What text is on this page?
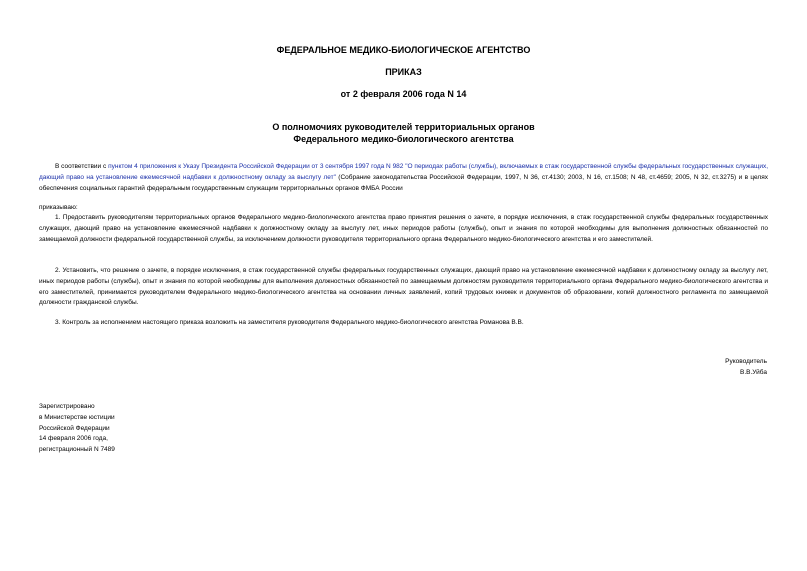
ФЕДЕРАЛЬНОЕ МЕДИКО-БИОЛОГИЧЕСКОЕ АГЕНТСТВО
ПРИКАЗ
от 2 февраля 2006 года N 14
О полномочиях руководителей территориальных органов
Федерального медико-биологического агентства
В соответствии с пунктом 4 приложения к Указу Президента Российской Федерации от 3 сентября 1997 года N 982 "О периодах работы (службы), включаемых в стаж государственной службы федеральных государственных служащих, дающий право на установление ежемесячной надбавки к должностному окладу за выслугу лет" (Собрание законодательства Российской Федерации, 1997, N 36, ст.4130; 2003, N 16, ст.1508; N 48, ст.4659; 2005, N 32, ст.3275) и в целях обеспечения социальных гарантий федеральным государственным служащим территориальных органов ФМБА России
приказываю:
1. Предоставить руководителям территориальных органов Федерального медико-биологического агентства право принятия решения о зачете, в порядке исключения, в стаж государственной службы федеральных государственных служащих, дающий право на установление ежемесячной надбавки к должностному окладу за выслугу лет, иных периодов работы (службы), опыт и знания по которой необходимы для выполнения должностных обязанностей по замещаемой должности федеральной государственной службы, за исключением должности руководителя территориального органа Федерального медико-биологического агентства и его заместителей.
2. Установить, что решение о зачете, в порядке исключения, в стаж государственной службы федеральных государственных служащих, дающий право на установление ежемесячной надбавки к должностному окладу за выслугу лет, иных периодов работы (службы), опыт и знания по которой необходимы для выполнения должностных обязанностей по замещаемым должностям руководителя территориального органа Федерального медико-биологического агентства и его заместителей, принимается руководителем Федерального медико-биологического агентства на основании личных заявлений, копий трудовых книжек и документов об образовании, копий должностного регламента по замещаемой должности гражданской службы.
3. Контроль за исполнением настоящего приказа возложить на заместителя руководителя Федерального медико-биологического агентства Романова В.В.
Руководитель
В.В.Уйба
Зарегистрировано
в Министерстве юстиции
Российской Федерации
14 февраля 2006 года,
регистрационный N 7489
